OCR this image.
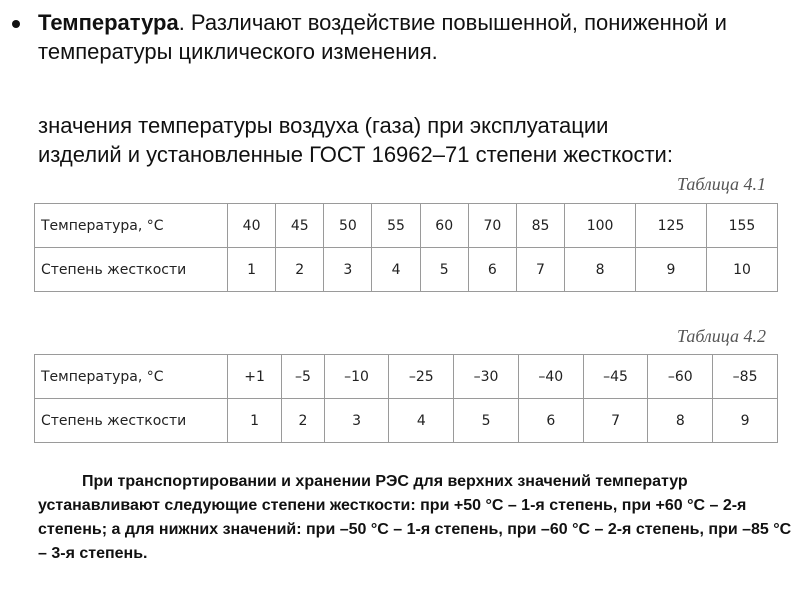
Температура. Различают воздействие повышенной, пониженной и температуры циклического изменения.
значения температуры воздуха (газа) при эксплуатации изделий и установленные ГОСТ 16962–71 степени жесткости:
Таблица 4.1
Температура, °С	40	45	50	55	60	70	85	100	125	155
Степень жесткости	1	2	3	4	5	6	7	8	9	10
Таблица 4.2
Температура, °С	+1	–5	–10	–25	–30	–40	–45	–60	–85
Степень жесткости	1	2	3	4	5	6	7	8	9
При транспортировании и хранении РЭС для верхних значений температур устанавливают следующие степени жесткости: при +50 °С – 1-я степень, при +60 °С – 2-я степень; а для нижних значений: при –50 °С – 1-я степень, при –60 °С – 2-я степень, при –85 °С – 3-я степень.
